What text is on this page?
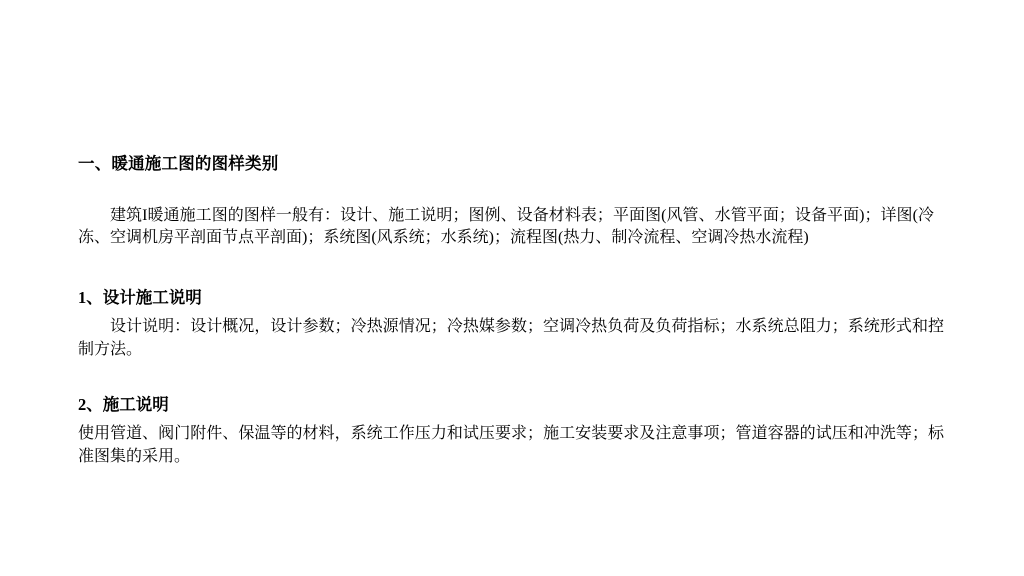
一、暖通施工图的图样类别

建筑I暖通施工图的图样一般有：设计、施工说明；图例、设备材料表；平面图(风管、水管平面；设备平面)；详图(冷冻、空调机房平剖面节点平剖面)；系统图(风系统；水系统)；流程图(热力、制冷流程、空调冷热水流程)

1、设计施工说明

设计说明：设计概况，设计参数；冷热源情况；冷热媒参数；空调冷热负荷及负荷指标；水系统总阻力；系统形式和控制方法。

2、施工说明

使用管道、阀门附件、保温等的材料，系统工作压力和试压要求；施工安装要求及注意事项；管道容器的试压和冲洗等；标准图集的采用。
